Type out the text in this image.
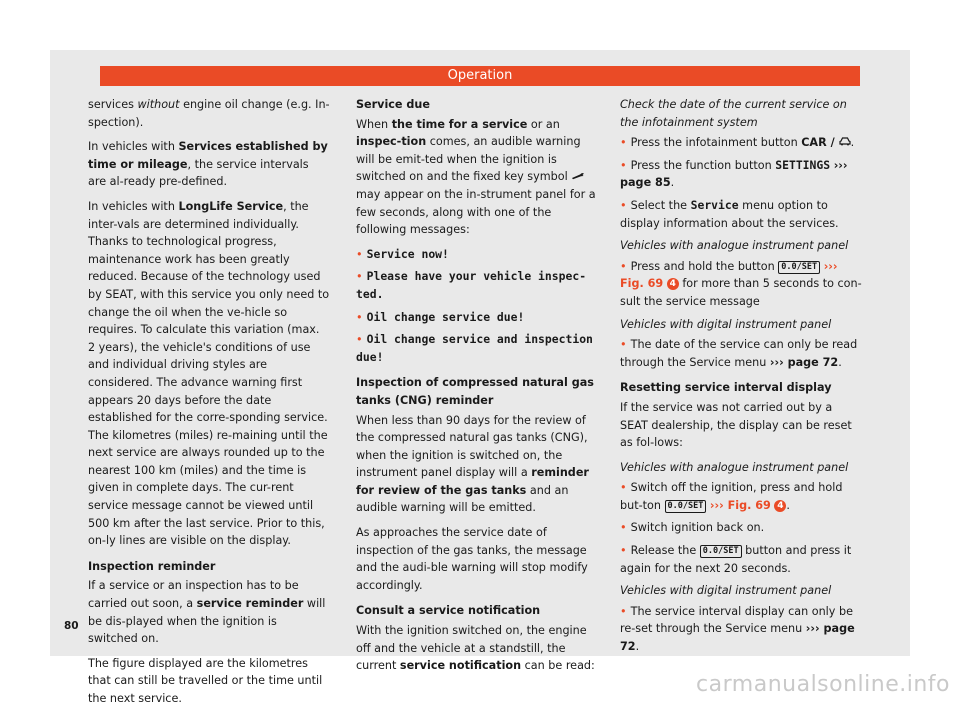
Operation

services without engine oil change (e.g. In-spection).

In vehicles with Services established by time or mileage, the service intervals are al-ready pre-defined.

In vehicles with LongLife Service, the inter-vals are determined individually. Thanks to technological progress, maintenance work has been greatly reduced. Because of the technology used by SEAT, with this service you only need to change the oil when the ve-hicle so requires. To calculate this variation (max. 2 years), the vehicle's conditions of use and individual driving styles are considered. The advance warning first appears 20 days before the date established for the corre-sponding service. The kilometres (miles) re-maining until the next service are always rounded up to the nearest 100 km (miles) and the time is given in complete days. The cur-rent service message cannot be viewed until 500 km after the last service. Prior to this, on-ly lines are visible on the display.

Inspection reminder

If a service or an inspection has to be carried out soon, a service reminder will be dis-played when the ignition is switched on.

The figure displayed are the kilometres that can still be travelled or the time until the next service.

Service due

When the time for a service or an inspec-tion comes, an audible warning will be emit-ted when the ignition is switched on and the fixed key symbol  may appear on the in-strument panel for a few seconds, along with one of the following messages:

• Service now!

• Please have your vehicle inspec-ted.

• Oil change service due!

• Oil change service and inspection due!

Inspection of compressed natural gas tanks (CNG) reminder

When less than 90 days for the review of the compressed natural gas tanks (CNG), when the ignition is switched on, the instrument panel display will a reminder for review of the gas tanks and an audible warning will be emitted.

As approaches the service date of inspection of the gas tanks, the message and the audi-ble warning will stop modify accordingly.

Consult a service notification

With the ignition switched on, the engine off and the vehicle at a standstill, the current service notification can be read:

Check the date of the current service on the infotainment system

• Press the infotainment button CAR / .

• Press the function button SETTINGS ››› page 85.

• Select the Service menu option to display information about the services.

Vehicles with analogue instrument panel

• Press and hold the button 0.0/SET ››› Fig. 69 4 for more than 5 seconds to con-sult the service message

Vehicles with digital instrument panel

• The date of the service can only be read through the Service menu ››› page 72.

Resetting service interval display

If the service was not carried out by a SEAT dealership, the display can be reset as fol-lows:

Vehicles with analogue instrument panel

• Switch off the ignition, press and hold but-ton 0.0/SET ››› Fig. 69 4 .

• Switch ignition back on.

• Release the 0.0/SET button and press it again for the next 20 seconds.

Vehicles with digital instrument panel

• The service interval display can only be re-set through the Service menu ››› page 72.

80
carmanualsonline.info
